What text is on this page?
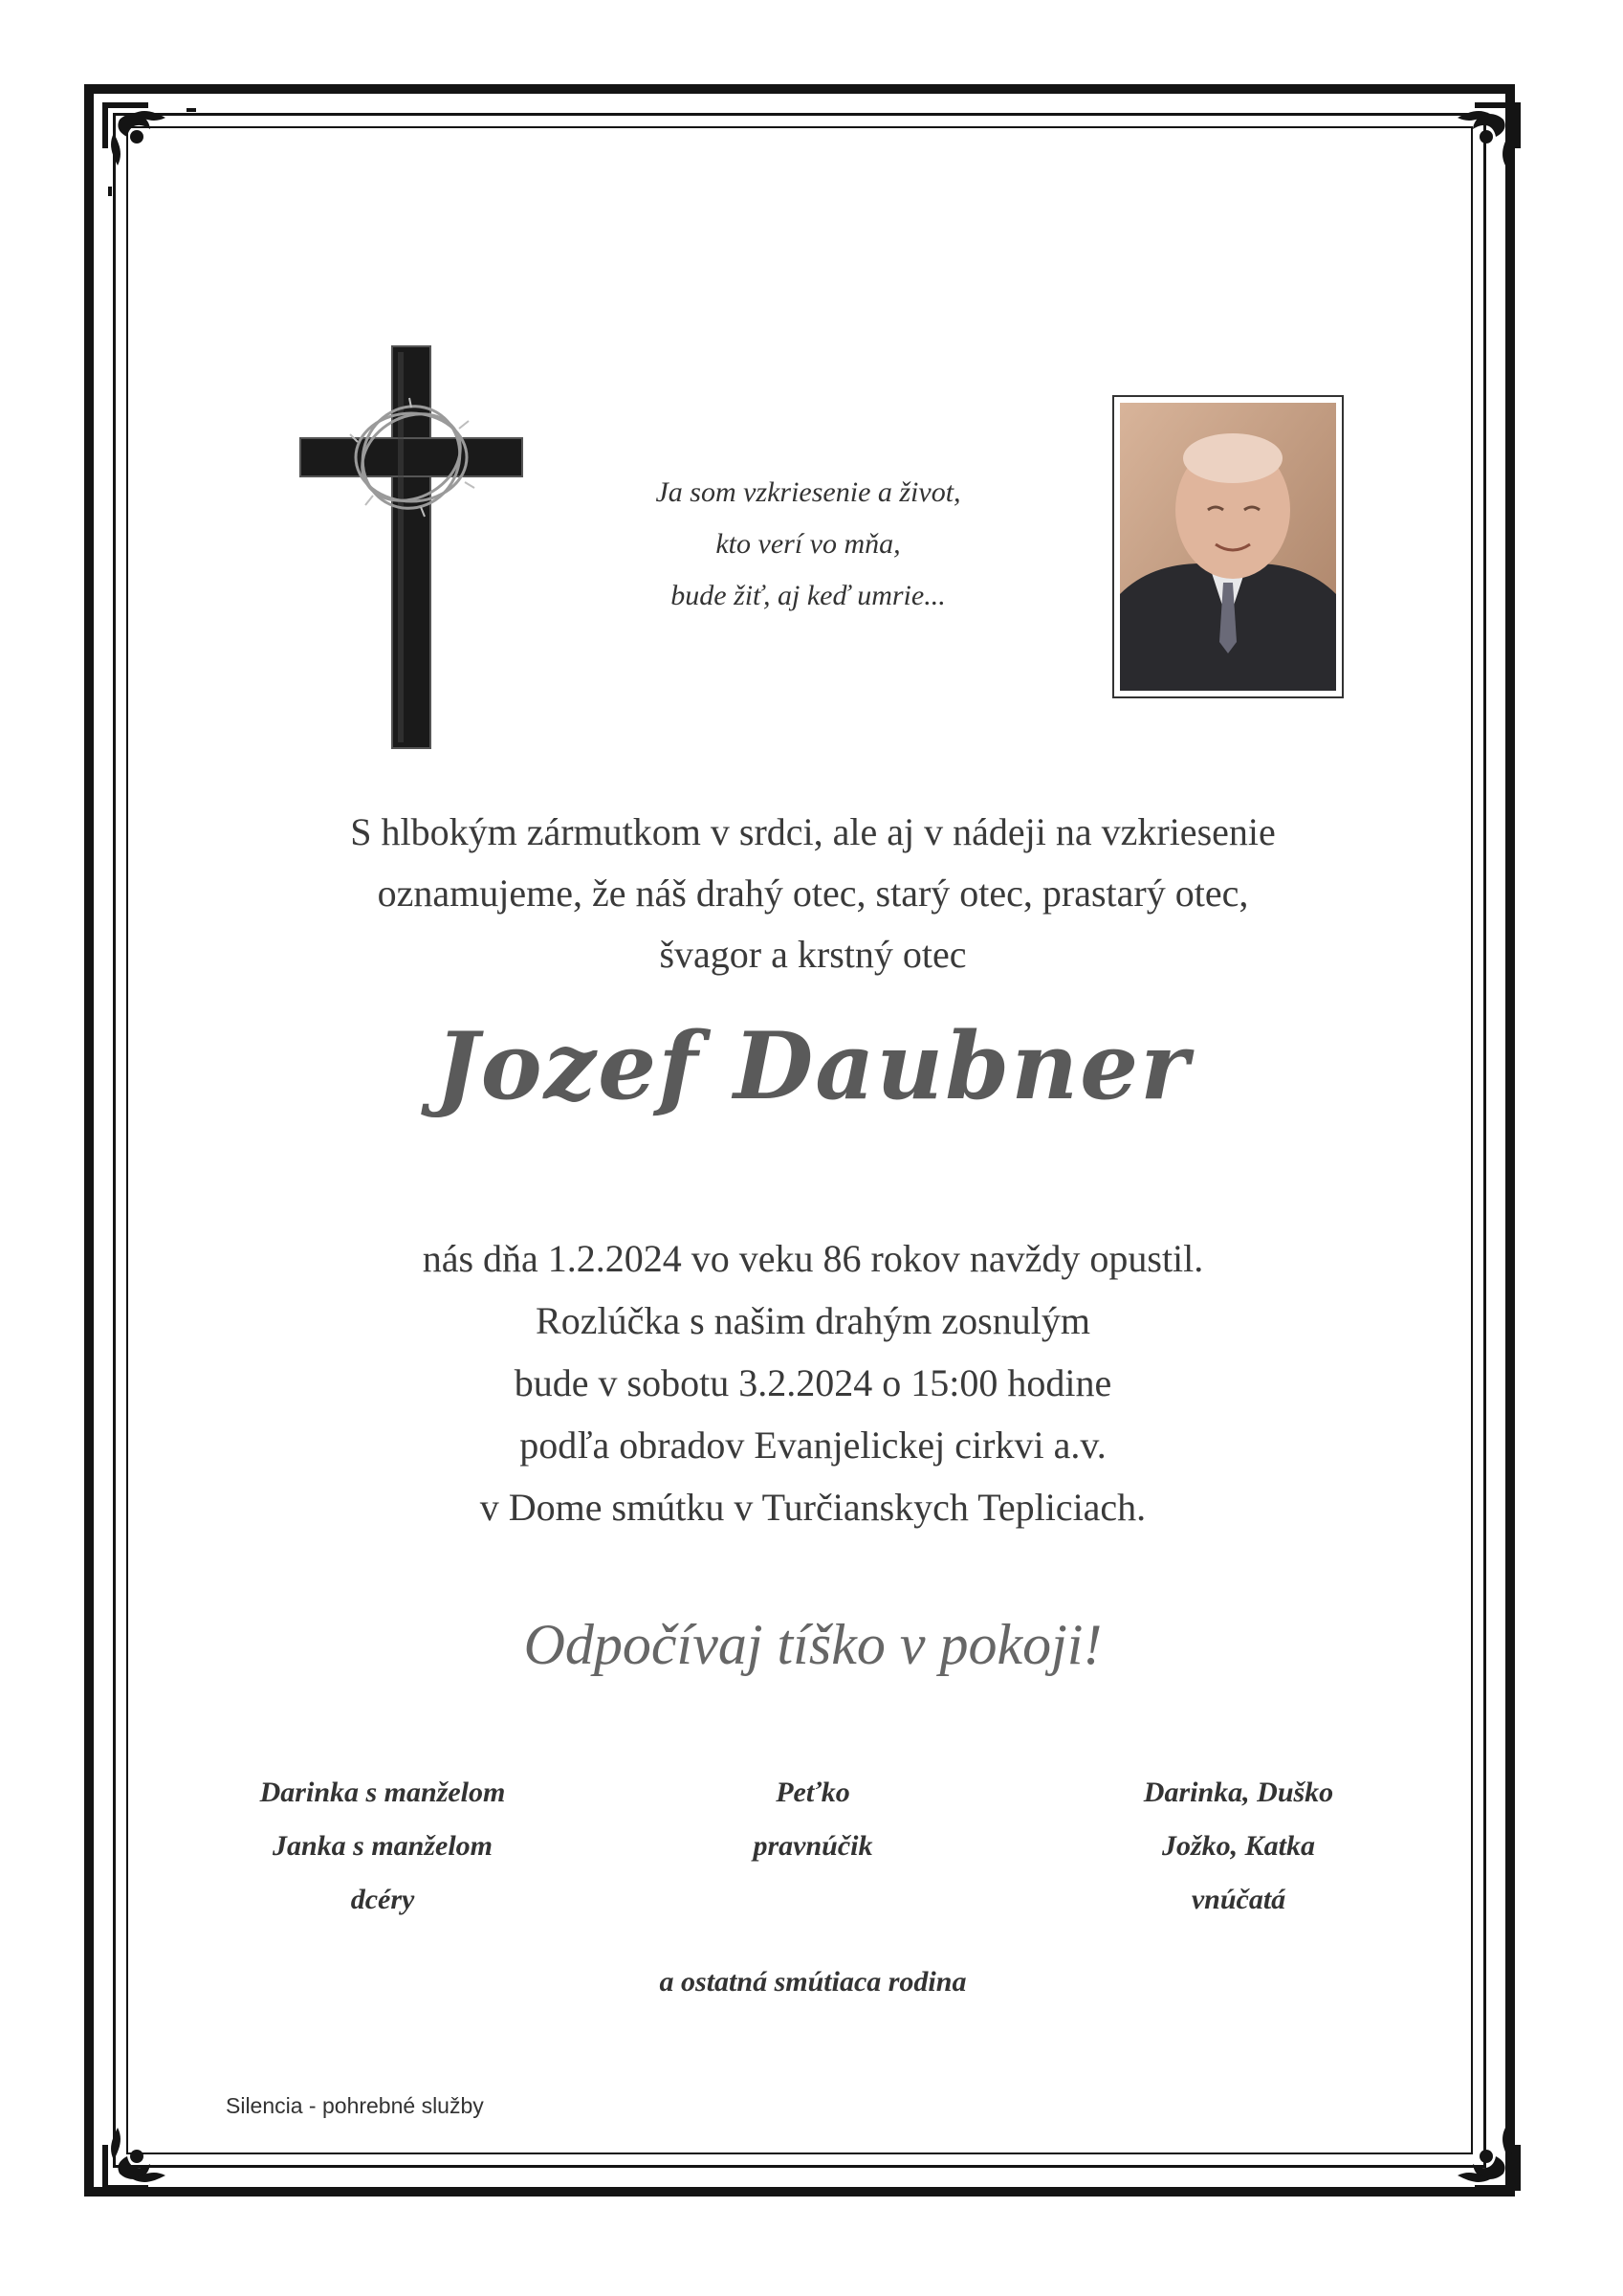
Ja som vzkriesenie a život,
kto verí vo mňa,
bude žiť, aj keď umrie...
S hlbokým zármutkom v srdci, ale aj v nádeji na vzkriesenie
oznamujeme, že náš drahý otec, starý otec, prastarý otec,
švagor a krstný otec
Jozef Daubner
nás dňa 1.2.2024 vo veku 86 rokov navždy opustil.
Rozlúčka s našim drahým zosnulým
bude v sobotu 3.2.2024 o 15:00 hodine
podľa obradov Evanjelickej cirkvi a.v.
v Dome smútku v Turčianskych Tepliciach.
Odpočívaj tíško v pokoji!
Darinka s manželom
Janka s manželom
dcéry
Peťko
pravnúčik
Darinka, Duško
Jožko, Katka
vnúčatá
a ostatná smútiaca rodina
Silencia - pohrebné služby
